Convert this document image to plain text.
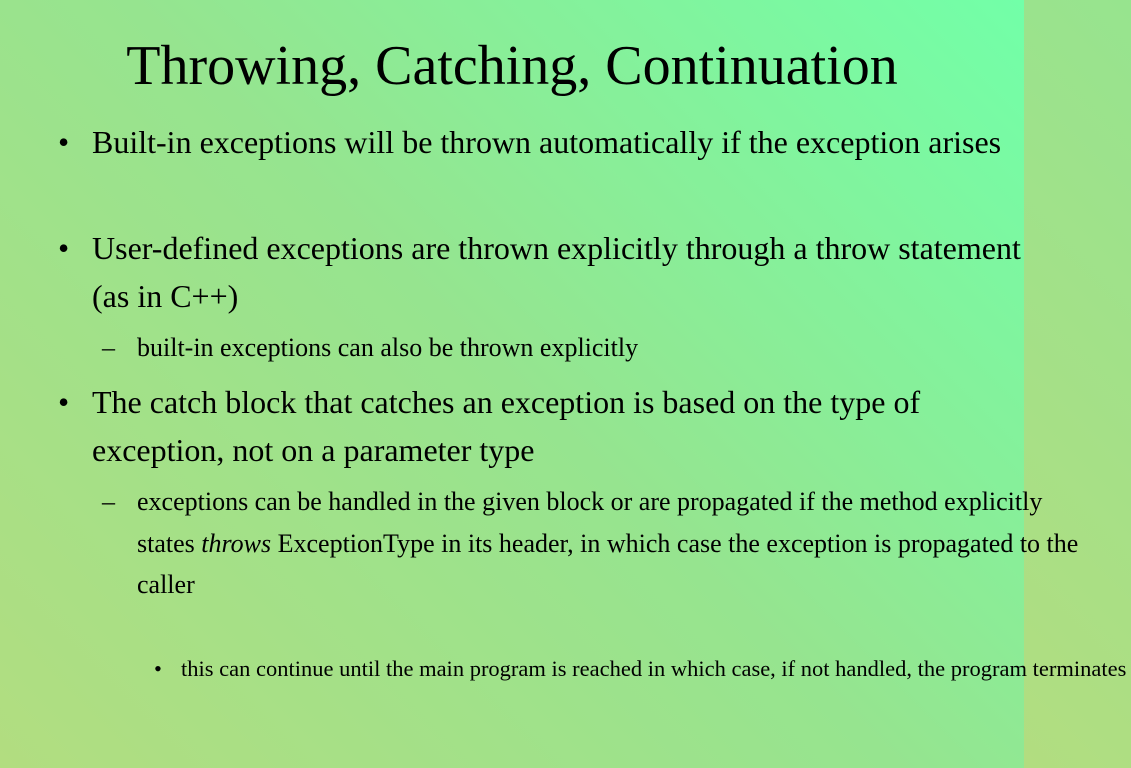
Throwing, Catching, Continuation
• Built-in exceptions will be thrown automatically if the exception arises
• User-defined exceptions are thrown explicitly through a throw statement (as in C++)
– built-in exceptions can also be thrown explicitly
• The catch block that catches an exception is based on the type of exception, not on a parameter type
– exceptions can be handled in the given block or are propagated if the method explicitly states throws ExceptionType in its header, in which case the exception is propagated to the caller
• this can continue until the main program is reached in which case, if not handled, the program terminates
